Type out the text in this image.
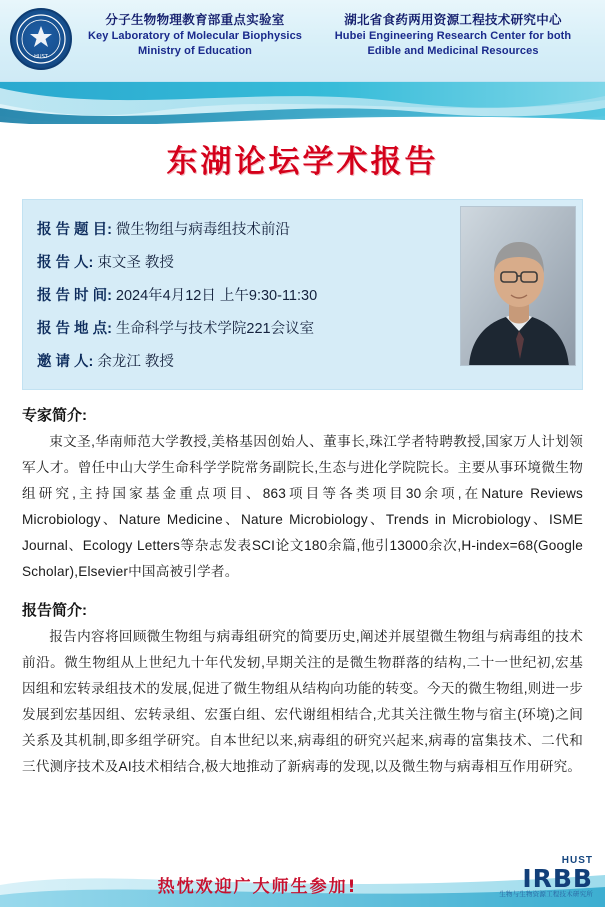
HUST
分子生物物理教育部重点实验室
Key Laboratory of Molecular Biophysics
Ministry of Education
湖北省食药两用资源工程技术研究中心
Hubei Engineering Research Center for both
Edible and Medicinal Resources
东湖论坛学术报告
报 告 题 目: 微生物组与病毒组技术前沿
报 告 人: 束文圣 教授
报 告 时 间: 2024年4月12日 上午9:30-11:30
报 告 地 点: 生命科学与技术学院221会议室
邀 请 人: 余龙江 教授
专家简介:
束文圣,华南师范大学教授,美格基因创始人、董事长,珠江学者特聘教授,国家万人计划领军人才。曾任中山大学生命科学学院常务副院长,生态与进化学院院长。主要从事环境微生物组研究,主持国家基金重点项目、863项目等各类项目30余项,在Nature Reviews Microbiology、Nature Medicine、Nature Microbiology、Trends in Microbiology、ISME Journal、Ecology Letters等杂志发表SCI论文180余篇,他引13000余次,H-index=68(Google Scholar),Elsevier中国高被引学者。
报告简介:
报告内容将回顾微生物组与病毒组研究的简要历史,阐述并展望微生物组与病毒组的技术前沿。微生物组从上世纪九十年代发轫,早期关注的是微生物群落的结构,二十一世纪初,宏基因组和宏转录组技术的发展,促进了微生物组从结构向功能的转变。今天的微生物组,则进一步发展到宏基因组、宏转录组、宏蛋白组、宏代谢组相结合,尤其关注微生物与宿主(环境)之间关系及其机制,即多组学研究。自本世纪以来,病毒组的研究兴起来,病毒的富集技术、二代和三代测序技术及AI技术相结合,极大地推动了新病毒的发现,以及微生物与病毒相互作用研究。
热忱欢迎广大师生参加!
HUST
IRBB
生物与生物资源工程技术研究所
